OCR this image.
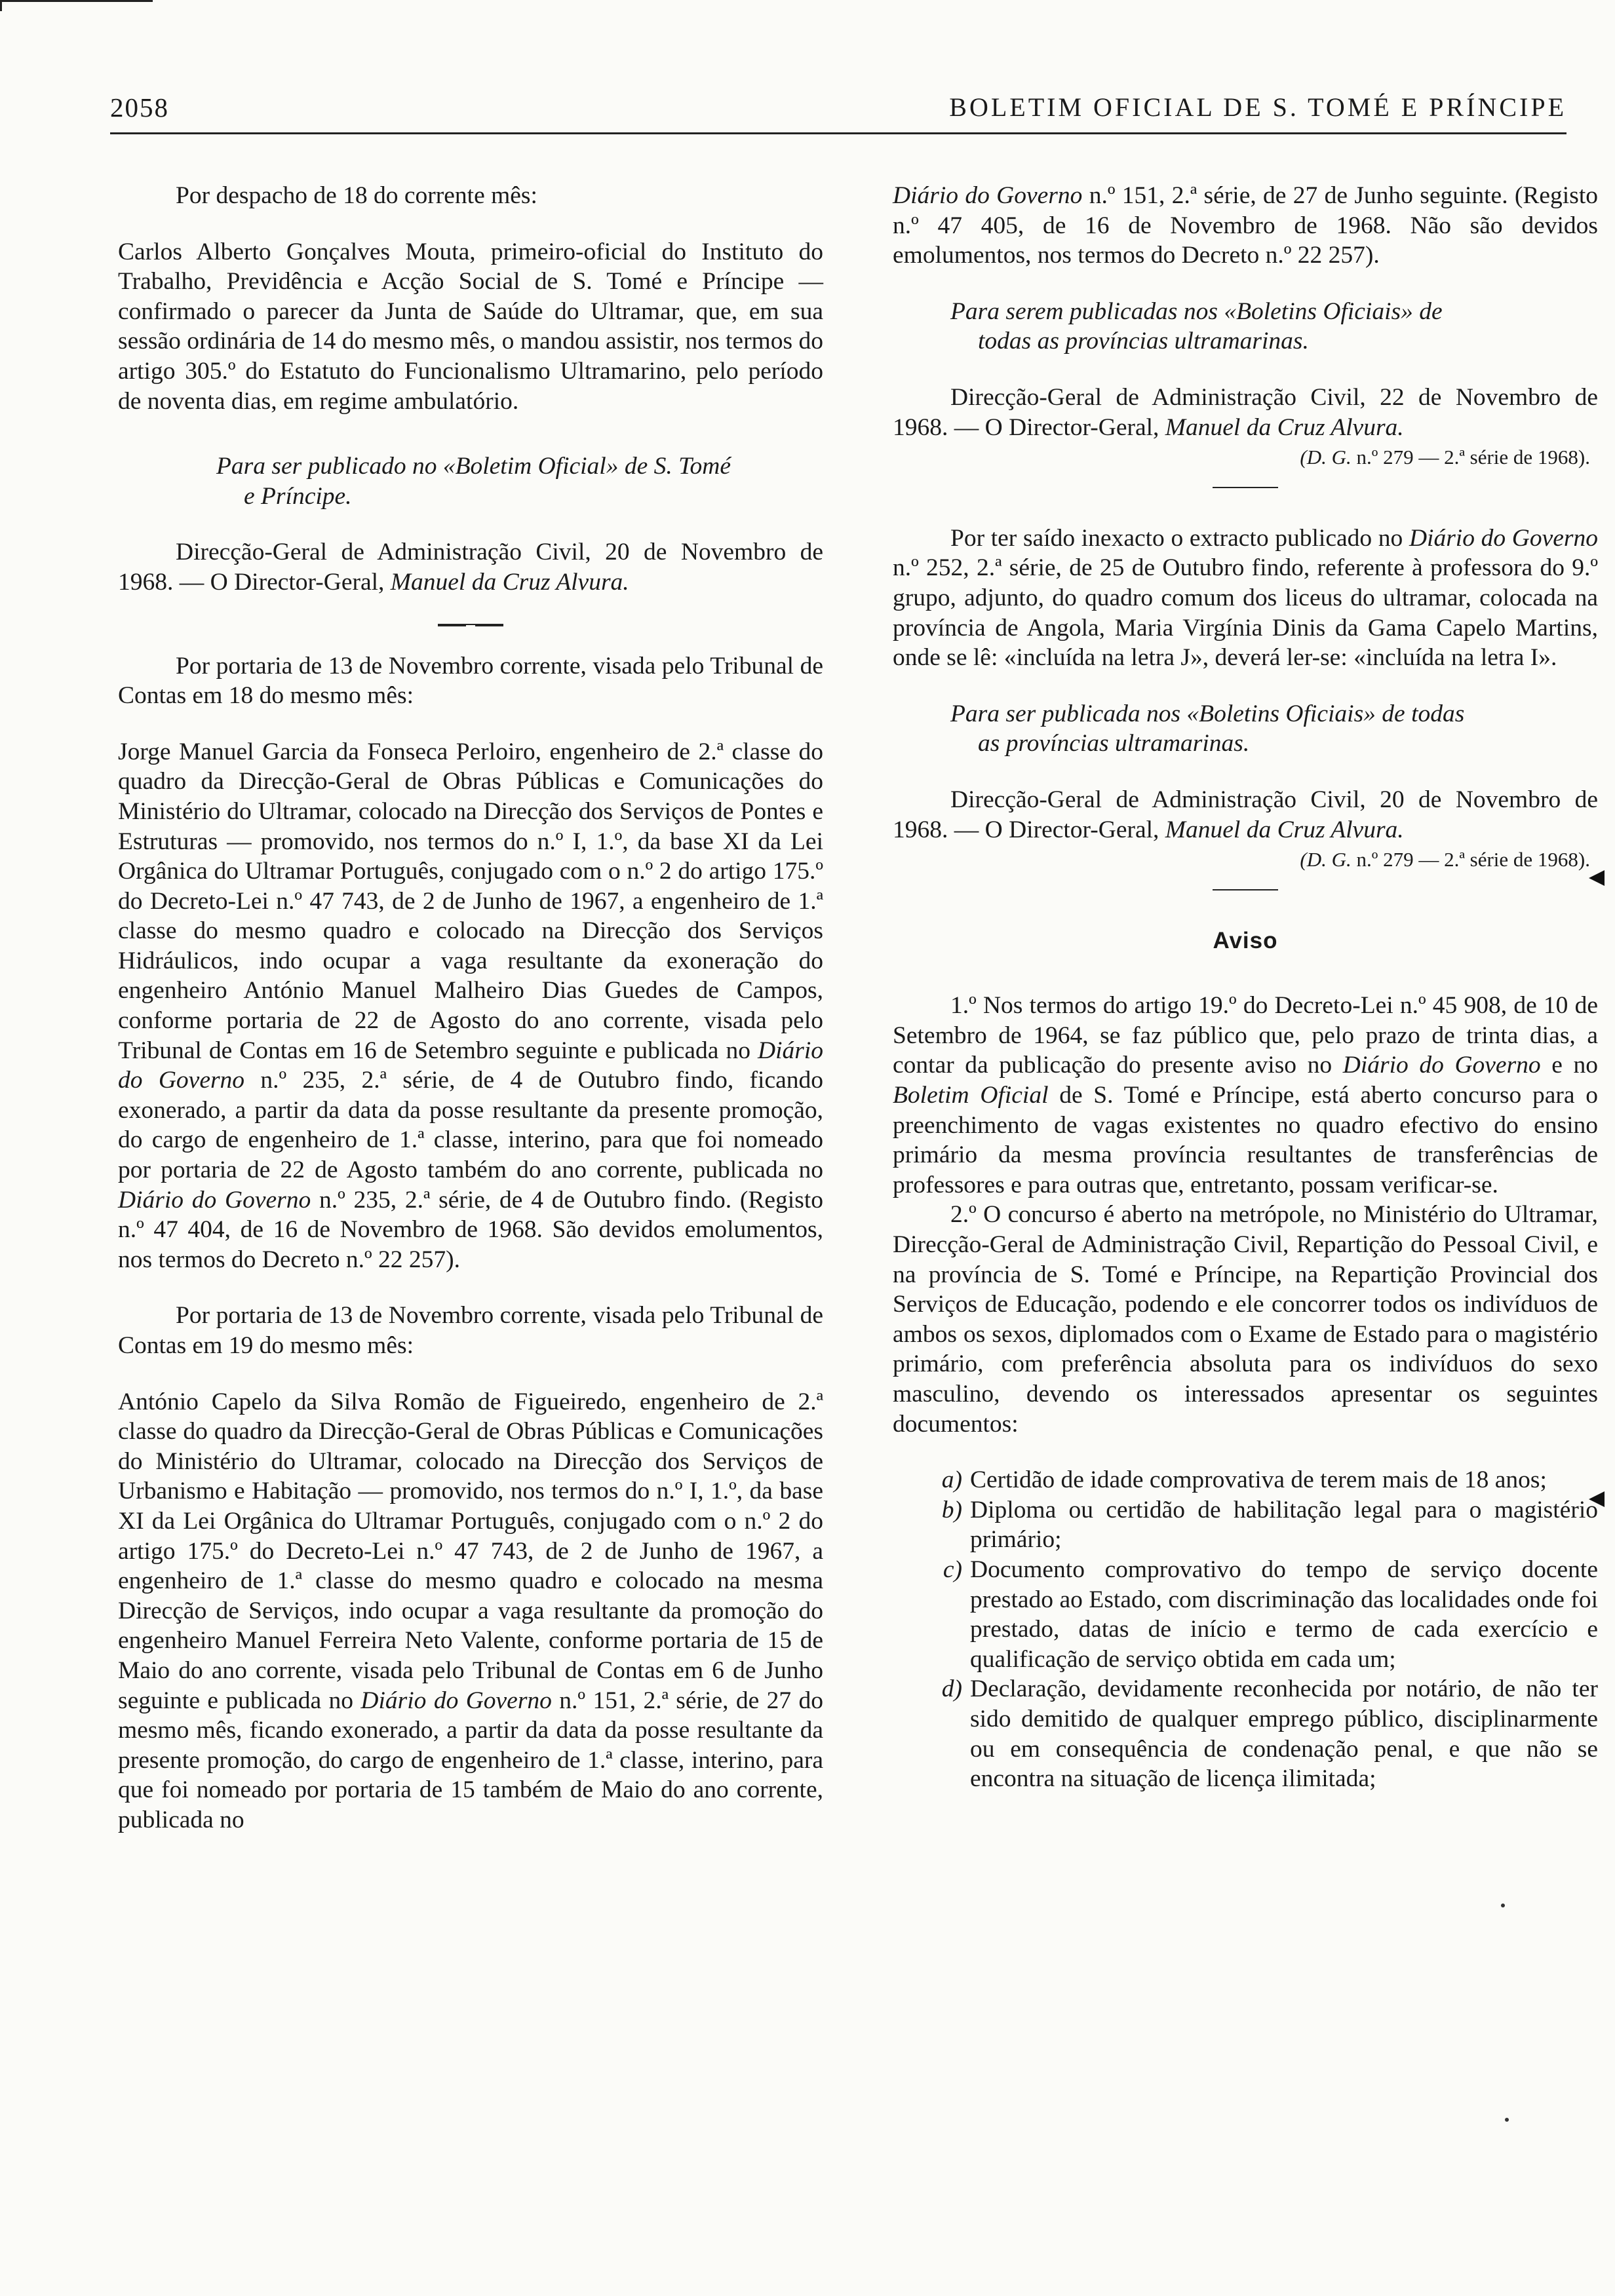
2058	BOLETIM OFICIAL DE S. TOMÉ E PRÍNCIPE

Por despacho de 18 do corrente mês:

Carlos Alberto Gonçalves Mouta, primeiro-oficial do Instituto do Trabalho, Previdência e Acção Social de S. Tomé e Príncipe — confirmado o parecer da Junta de Saúde do Ultramar, que, em sua sessão ordinária de 14 do mesmo mês, o mandou assistir, nos termos do artigo 305.º do Estatuto do Funcionalismo Ultramarino, pelo período de noventa dias, em regime ambulatório.

Para ser publicado no «Boletim Oficial» de S. Tomé
e Príncipe.

Direcção-Geral de Administração Civil, 20 de Novembro de 1968. — O Director-Geral, Manuel da Cruz Alvura.

Por portaria de 13 de Novembro corrente, visada pelo Tribunal de Contas em 18 do mesmo mês:

Jorge Manuel Garcia da Fonseca Perloiro, engenheiro de 2.ª classe do quadro da Direcção-Geral de Obras Públicas e Comunicações do Ministério do Ultramar, colocado na Direcção dos Serviços de Pontes e Estruturas — promovido, nos termos do n.º I, 1.º, da base XI da Lei Orgânica do Ultramar Português, conjugado com o n.º 2 do artigo 175.º do Decreto-Lei n.º 47 743, de 2 de Junho de 1967, a engenheiro de 1.ª classe do mesmo quadro e colocado na Direcção dos Serviços Hidráulicos, indo ocupar a vaga resultante da exoneração do engenheiro António Manuel Malheiro Dias Guedes de Campos, conforme portaria de 22 de Agosto do ano corrente, visada pelo Tribunal de Contas em 16 de Setembro seguinte e publicada no Diário do Governo n.º 235, 2.ª série, de 4 de Outubro findo, ficando exonerado, a partir da data da posse resultante da presente promoção, do cargo de engenheiro de 1.ª classe, interino, para que foi nomeado por portaria de 22 de Agosto também do ano corrente, publicada no Diário do Governo n.º 235, 2.ª série, de 4 de Outubro findo. (Registo n.º 47 404, de 16 de Novembro de 1968. São devidos emolumentos, nos termos do Decreto n.º 22 257).

Por portaria de 13 de Novembro corrente, visada pelo Tribunal de Contas em 19 do mesmo mês:

António Capelo da Silva Romão de Figueiredo, engenheiro de 2.ª classe do quadro da Direcção-Geral de Obras Públicas e Comunicações do Ministério do Ultramar, colocado na Direcção dos Serviços de Urbanismo e Habitação — promovido, nos termos do n.º I, 1.º, da base XI da Lei Orgânica do Ultramar Português, conjugado com o n.º 2 do artigo 175.º do Decreto-Lei n.º 47 743, de 2 de Junho de 1967, a engenheiro de 1.ª classe do mesmo quadro e colocado na mesma Direcção de Serviços, indo ocupar a vaga resultante da promoção do engenheiro Manuel Ferreira Neto Valente, conforme portaria de 15 de Maio do ano corrente, visada pelo Tribunal de Contas em 6 de Junho seguinte e publicada no Diário do Governo n.º 151, 2.ª série, de 27 do mesmo mês, ficando exonerado, a partir da data da posse resultante da presente promoção, do cargo de engenheiro de 1.ª classe, interino, para que foi nomeado por portaria de 15 também de Maio do ano corrente, publicada no

Diário do Governo n.º 151, 2.ª série, de 27 de Junho seguinte. (Registo n.º 47 405, de 16 de Novembro de 1968. Não são devidos emolumentos, nos termos do Decreto n.º 22 257).

Para serem publicadas nos «Boletins Oficiais» de
todas as províncias ultramarinas.

Direcção-Geral de Administração Civil, 22 de Novembro de 1968. — O Director-Geral, Manuel da Cruz Alvura.

(D. G. n.º 279 — 2.ª série de 1968).

Por ter saído inexacto o extracto publicado no Diário do Governo n.º 252, 2.ª série, de 25 de Outubro findo, referente à professora do 9.º grupo, adjunto, do quadro comum dos liceus do ultramar, colocada na província de Angola, Maria Virgínia Dinis da Gama Capelo Martins, onde se lê: «incluída na letra J», deverá ler-se: «incluída na letra I».

Para ser publicada nos «Boletins Oficiais» de todas
as províncias ultramarinas.

Direcção-Geral de Administração Civil, 20 de Novembro de 1968. — O Director-Geral, Manuel da Cruz Alvura.

(D. G. n.º 279 — 2.ª série de 1968).

Aviso

1.º Nos termos do artigo 19.º do Decreto-Lei n.º 45 908, de 10 de Setembro de 1964, se faz público que, pelo prazo de trinta dias, a contar da publicação do presente aviso no Diário do Governo e no Boletim Oficial de S. Tomé e Príncipe, está aberto concurso para o preenchimento de vagas existentes no quadro efectivo do ensino primário da mesma província resultantes de transferências de professores e para outras que, entretanto, possam verificar-se.

2.º O concurso é aberto na metrópole, no Ministério do Ultramar, Direcção-Geral de Administração Civil, Repartição do Pessoal Civil, e na província de S. Tomé e Príncipe, na Repartição Provincial dos Serviços de Educação, podendo e ele concorrer todos os indivíduos de ambos os sexos, diplomados com o Exame de Estado para o magistério primário, com preferência absoluta para os indivíduos do sexo masculino, devendo os interessados apresentar os seguintes documentos:

a) Certidão de idade comprovativa de terem mais de 18 anos;
b) Diploma ou certidão de habilitação legal para o magistério primário;
c) Documento comprovativo do tempo de serviço docente prestado ao Estado, com discriminação das localidades onde foi prestado, datas de início e termo de cada exercício e qualificação de serviço obtida em cada um;
d) Declaração, devidamente reconhecida por notário, de não ter sido demitido de qualquer emprego público, disciplinarmente ou em consequência de condenação penal, e que não se encontra na situação de licença ilimitada;
